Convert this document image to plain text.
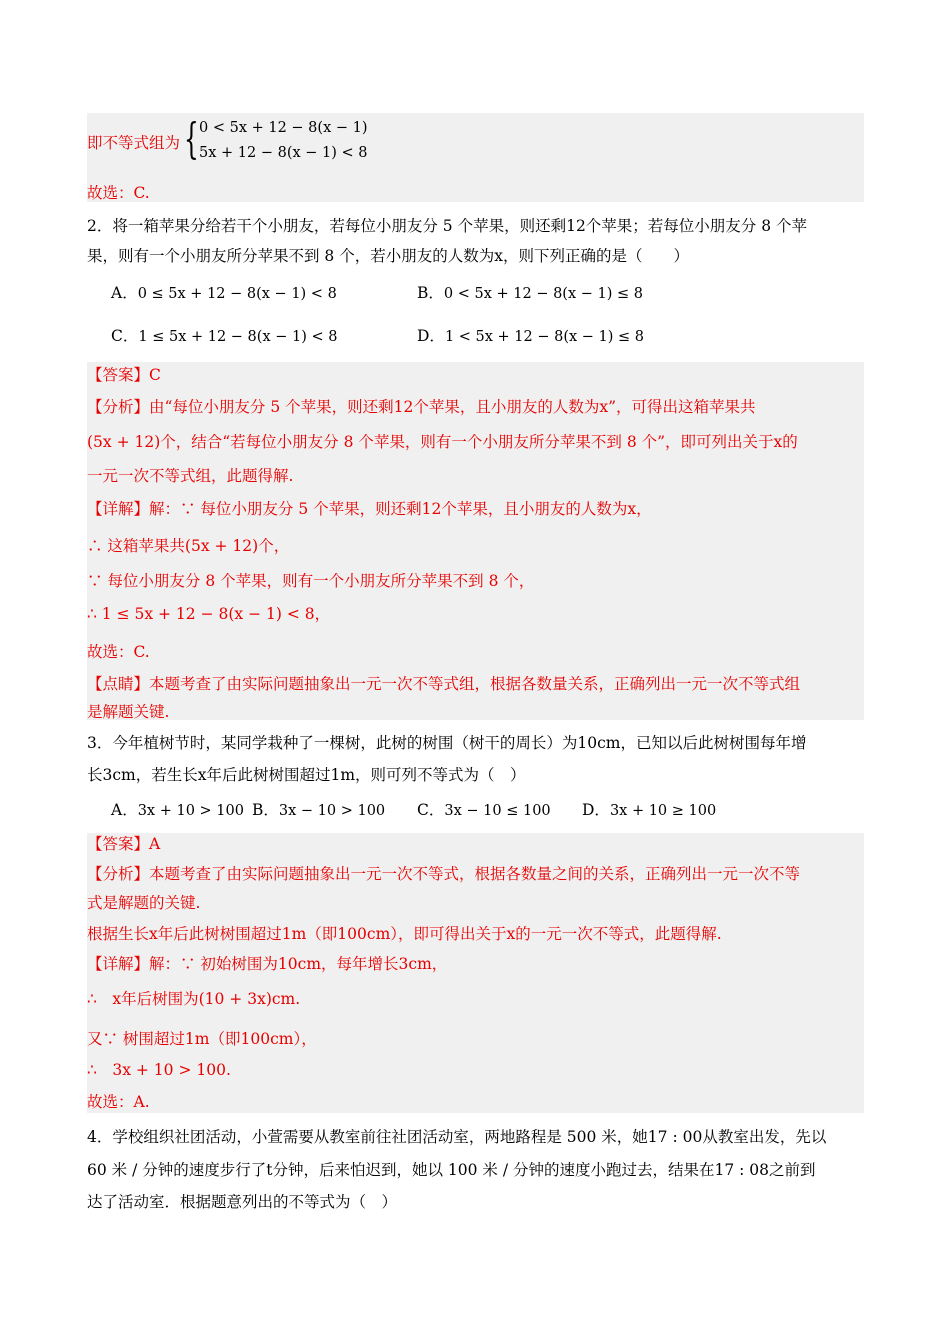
即不等式组为 { 0 < 5x + 12 − 8(x − 1)
5x + 12 − 8(x − 1) < 8
故选：C.
2．将一箱苹果分给若干个小朋友，若每位小朋友分 5 个苹果，则还剩12个苹果；若每位小朋友分 8 个苹
果，则有一个小朋友所分苹果不到 8 个，若小朋友的人数为x，则下列正确的是（　　）
A．0 ≤ 5x + 12 − 8(x − 1) < 8	B．0 < 5x + 12 − 8(x − 1) ≤ 8
C．1 ≤ 5x + 12 − 8(x − 1) < 8	D．1 < 5x + 12 − 8(x − 1) ≤ 8
【答案】C
【分析】由“每位小朋友分 5 个苹果，则还剩12个苹果，且小朋友的人数为x”，可得出这箱苹果共
(5x + 12)个，结合“若每位小朋友分 8 个苹果，则有一个小朋友所分苹果不到 8 个”，即可列出关于x的
一元一次不等式组，此题得解.
【详解】解：∵ 每位小朋友分 5 个苹果，则还剩12个苹果，且小朋友的人数为x，
∴ 这箱苹果共(5x + 12)个，
∵ 每位小朋友分 8 个苹果，则有一个小朋友所分苹果不到 8 个，
∴ 1 ≤ 5x + 12 − 8(x − 1) < 8，
故选：C.
【点睛】本题考查了由实际问题抽象出一元一次不等式组，根据各数量关系，正确列出一元一次不等式组
是解题关键.
3．今年植树节时，某同学栽种了一棵树，此树的树围（树干的周长）为10cm，已知以后此树树围每年增
长3cm，若生长x年后此树树围超过1m，则可列不等式为（　）
A．3x + 10 > 100 B．3x − 10 > 100 C．3x − 10 ≤ 100 D．3x + 10 ≥ 100
【答案】A
【分析】本题考查了由实际问题抽象出一元一次不等式，根据各数量之间的关系，正确列出一元一次不等
式是解题的关键.
根据生长x年后此树树围超过1m（即100cm），即可得出关于x的一元一次不等式，此题得解.
【详解】解：∵ 初始树围为10cm，每年增长3cm，
∴　x年后树围为(10 + 3x)cm.
又∵ 树围超过1m（即100cm），
∴　3x + 10 > 100.
故选：A.
4．学校组织社团活动，小萱需要从教室前往社团活动室，两地路程是 500 米，她17 : 00从教室出发，先以
60 米 / 分钟的速度步行了t分钟，后来怕迟到，她以 100 米 / 分钟的速度小跑过去，结果在17 : 08之前到
达了活动室．根据题意列出的不等式为（　）
